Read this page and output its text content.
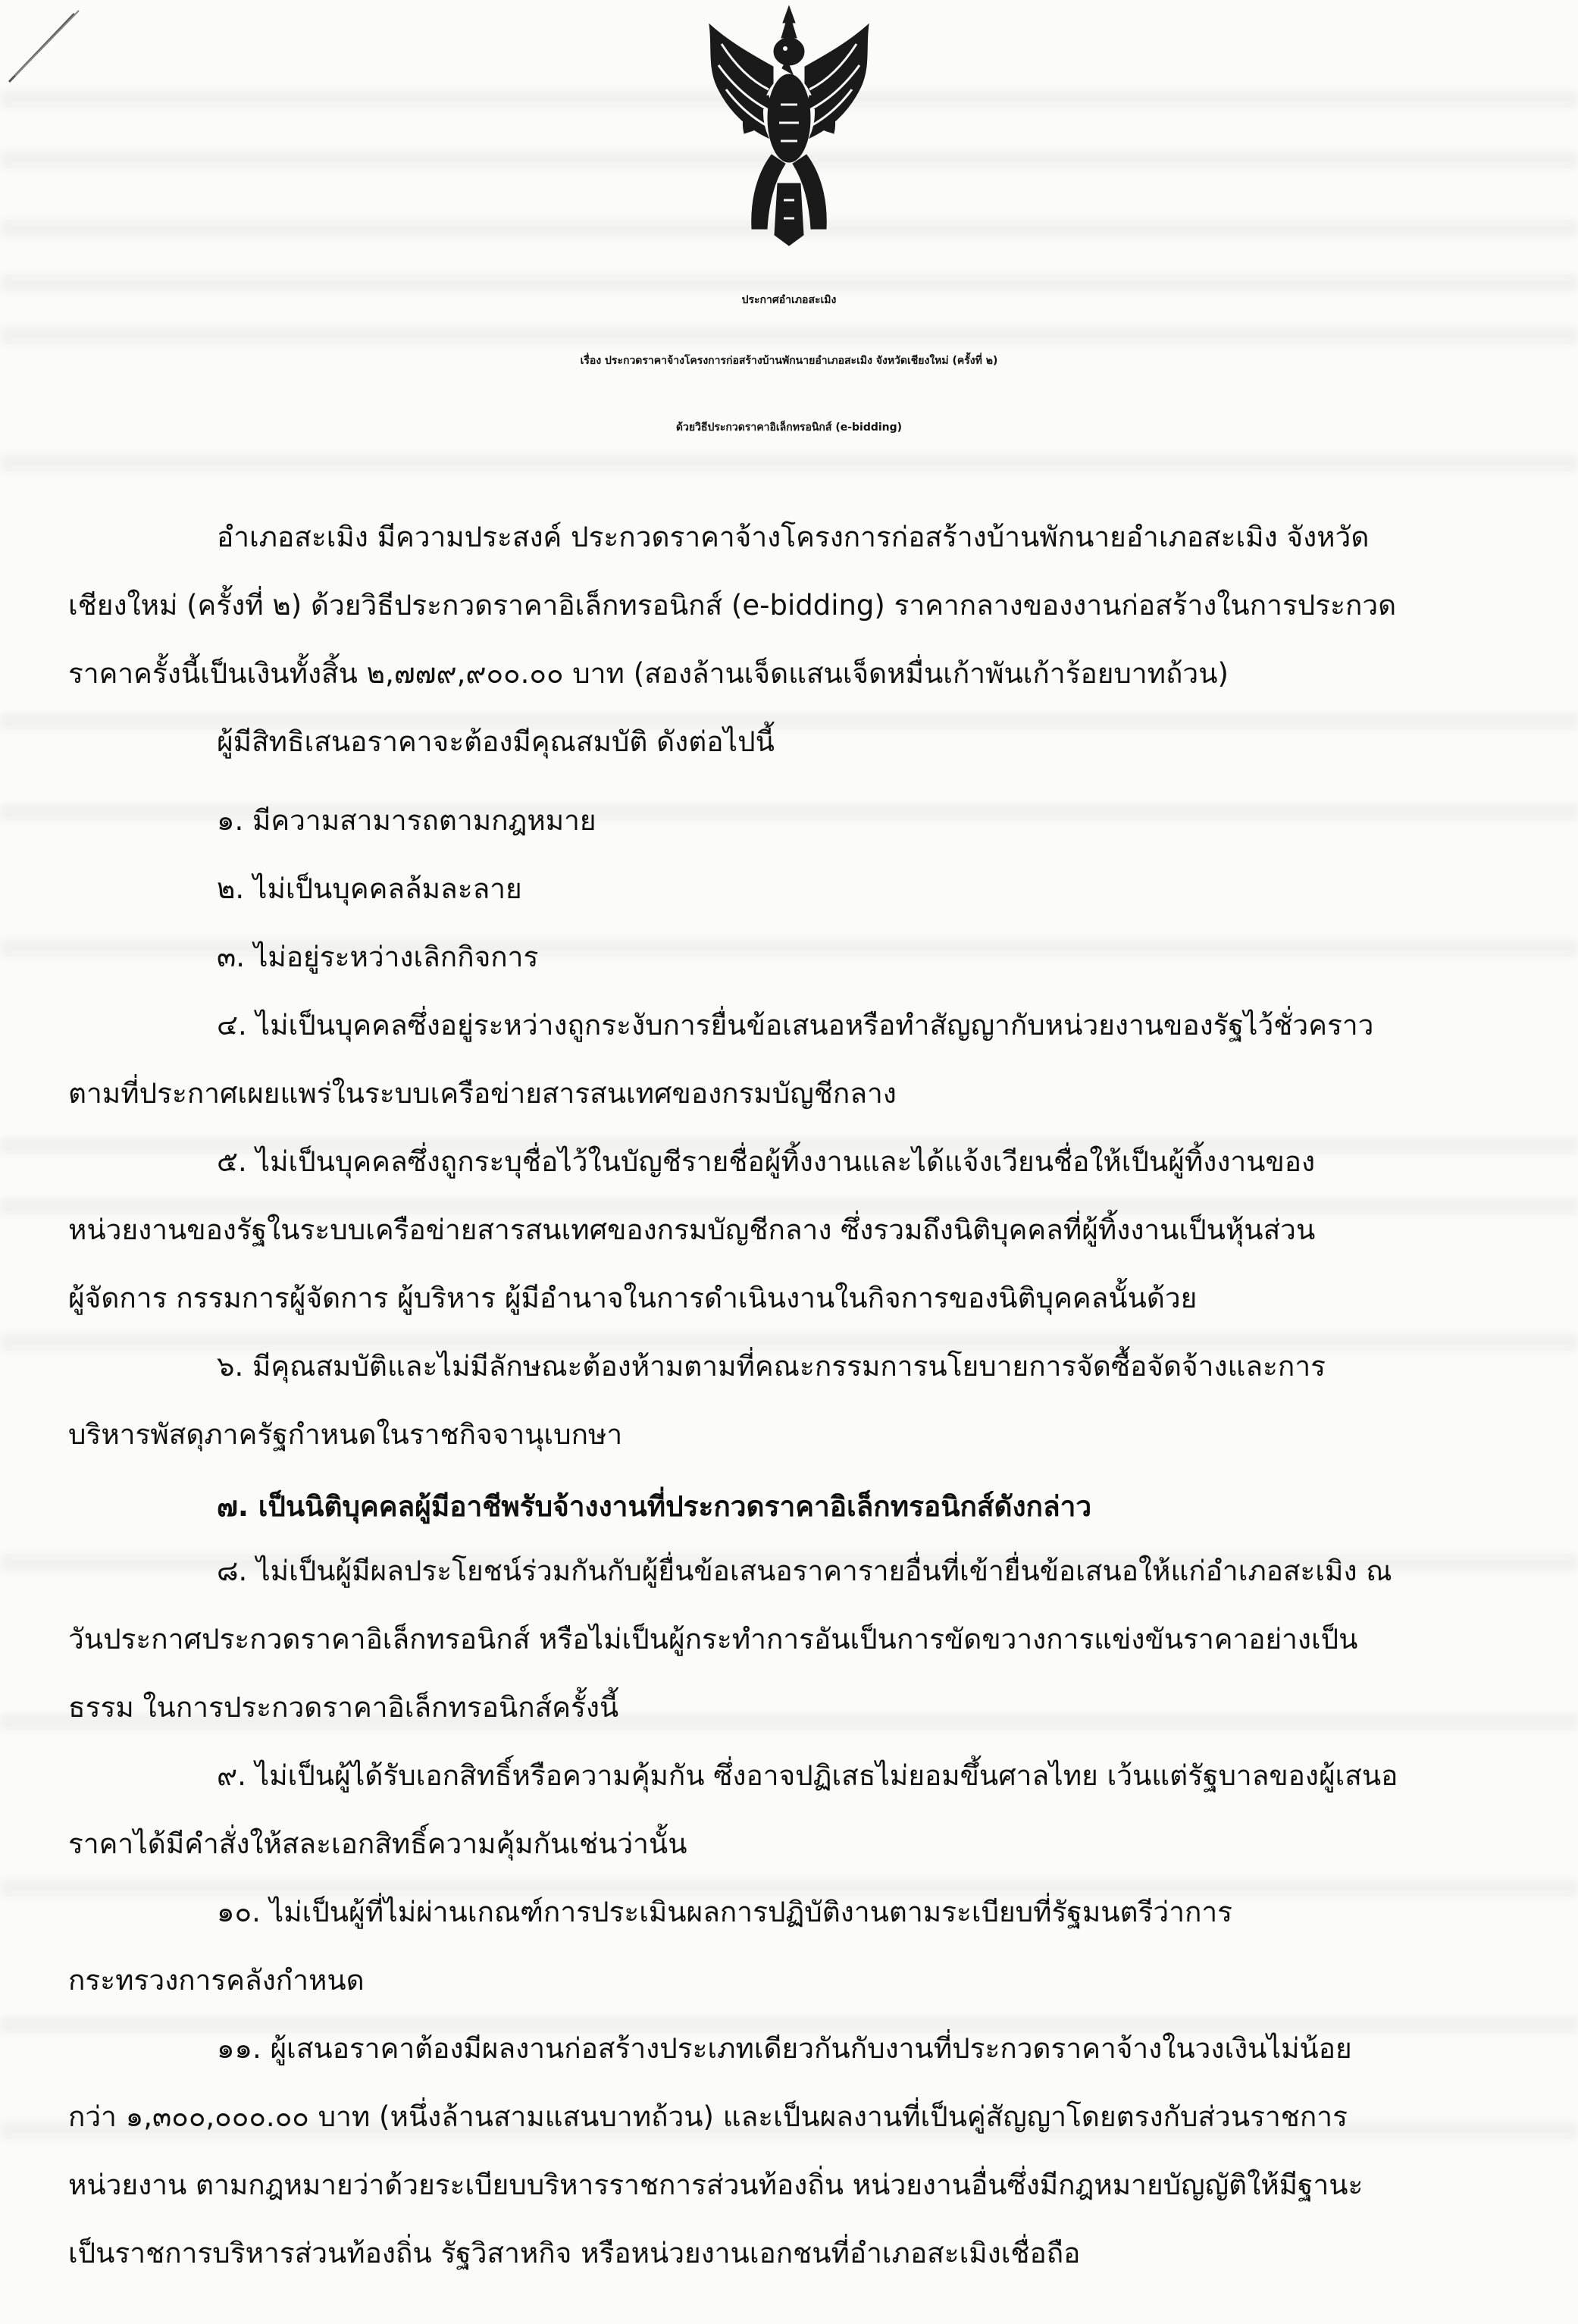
ประกาศอำเภอสะเมิง
เรื่อง ประกวดราคาจ้างโครงการก่อสร้างบ้านพักนายอำเภอสะเมิง จังหวัดเชียงใหม่ (ครั้งที่ ๒)
ด้วยวิธีประกวดราคาอิเล็กทรอนิกส์ (e-bidding)
อำเภอสะเมิง มีความประสงค์ ประกวดราคาจ้างโครงการก่อสร้างบ้านพักนายอำเภอสะเมิง จังหวัด
เชียงใหม่ (ครั้งที่ ๒) ด้วยวิธีประกวดราคาอิเล็กทรอนิกส์ (e-bidding) ราคากลางของงานก่อสร้างในการประกวด
ราคาครั้งนี้เป็นเงินทั้งสิ้น ๒,๗๗๙,๙๐๐.๐๐ บาท (สองล้านเจ็ดแสนเจ็ดหมื่นเก้าพันเก้าร้อยบาทถ้วน)
ผู้มีสิทธิเสนอราคาจะต้องมีคุณสมบัติ ดังต่อไปนี้
๑. มีความสามารถตามกฎหมาย
๒. ไม่เป็นบุคคลล้มละลาย
๓. ไม่อยู่ระหว่างเลิกกิจการ
๔. ไม่เป็นบุคคลซึ่งอยู่ระหว่างถูกระงับการยื่นข้อเสนอหรือทำสัญญากับหน่วยงานของรัฐไว้ชั่วคราว
ตามที่ประกาศเผยแพร่ในระบบเครือข่ายสารสนเทศของกรมบัญชีกลาง
๕. ไม่เป็นบุคคลซึ่งถูกระบุชื่อไว้ในบัญชีรายชื่อผู้ทิ้งงานและได้แจ้งเวียนชื่อให้เป็นผู้ทิ้งงานของ
หน่วยงานของรัฐในระบบเครือข่ายสารสนเทศของกรมบัญชีกลาง ซึ่งรวมถึงนิติบุคคลที่ผู้ทิ้งงานเป็นหุ้นส่วน
ผู้จัดการ กรรมการผู้จัดการ ผู้บริหาร ผู้มีอำนาจในการดำเนินงานในกิจการของนิติบุคคลนั้นด้วย
๖. มีคุณสมบัติและไม่มีลักษณะต้องห้ามตามที่คณะกรรมการนโยบายการจัดซื้อจัดจ้างและการ
บริหารพัสดุภาครัฐกำหนดในราชกิจจานุเบกษา
๗. เป็นนิติบุคคลผู้มีอาชีพรับจ้างงานที่ประกวดราคาอิเล็กทรอนิกส์ดังกล่าว
๘. ไม่เป็นผู้มีผลประโยชน์ร่วมกันกับผู้ยื่นข้อเสนอราคารายอื่นที่เข้ายื่นข้อเสนอให้แก่อำเภอสะเมิง ณ
วันประกาศประกวดราคาอิเล็กทรอนิกส์ หรือไม่เป็นผู้กระทำการอันเป็นการขัดขวางการแข่งขันราคาอย่างเป็น
ธรรม ในการประกวดราคาอิเล็กทรอนิกส์ครั้งนี้
๙. ไม่เป็นผู้ได้รับเอกสิทธิ์หรือความคุ้มกัน ซึ่งอาจปฏิเสธไม่ยอมขึ้นศาลไทย เว้นแต่รัฐบาลของผู้เสนอ
ราคาได้มีคำสั่งให้สละเอกสิทธิ์ความคุ้มกันเช่นว่านั้น
๑๐. ไม่เป็นผู้ที่ไม่ผ่านเกณฑ์การประเมินผลการปฏิบัติงานตามระเบียบที่รัฐมนตรีว่าการ
กระทรวงการคลังกำหนด
๑๑. ผู้เสนอราคาต้องมีผลงานก่อสร้างประเภทเดียวกันกับงานที่ประกวดราคาจ้างในวงเงินไม่น้อย
กว่า ๑,๓๐๐,๐๐๐.๐๐ บาท (หนึ่งล้านสามแสนบาทถ้วน) และเป็นผลงานที่เป็นคู่สัญญาโดยตรงกับส่วนราชการ
หน่วยงาน ตามกฎหมายว่าด้วยระเบียบบริหารราชการส่วนท้องถิ่น หน่วยงานอื่นซึ่งมีกฎหมายบัญญัติให้มีฐานะ
เป็นราชการบริหารส่วนท้องถิ่น รัฐวิสาหกิจ หรือหน่วยงานเอกชนที่อำเภอสะเมิงเชื่อถือ
